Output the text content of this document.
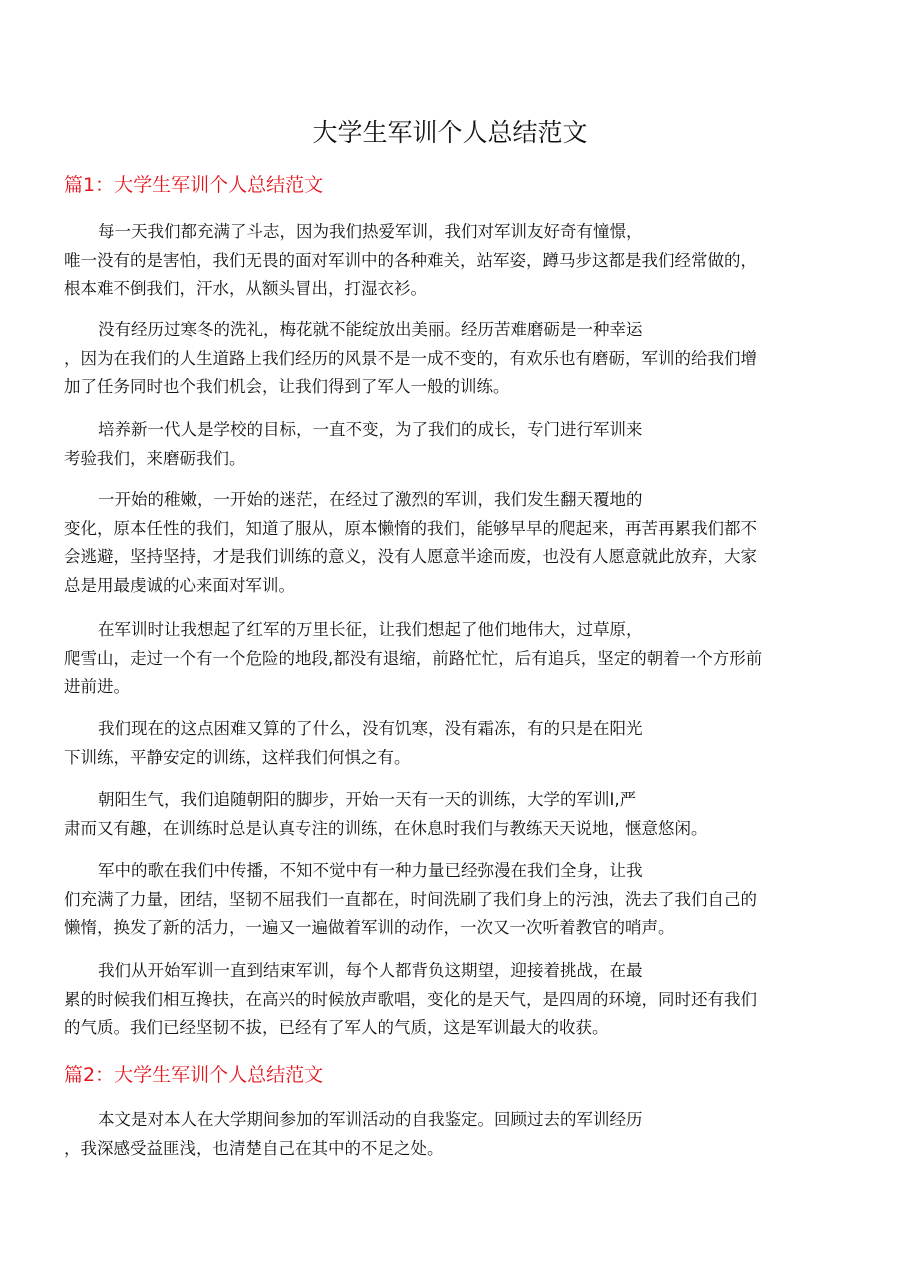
大学生军训个人总结范文
篇1：大学生军训个人总结范文
每一天我们都充满了斗志，因为我们热爱军训，我们对军训友好奇有憧憬，
唯一没有的是害怕，我们无畏的面对军训中的各种难关，站军姿，蹲马步这都是我们经常做的，
根本难不倒我们，汗水，从额头冒出，打湿衣衫。
没有经历过寒冬的洗礼，梅花就不能绽放出美丽。经历苦难磨砺是一种幸运
，因为在我们的人生道路上我们经历的风景不是一成不变的，有欢乐也有磨砺，军训的给我们增
加了任务同时也个我们机会，让我们得到了军人一般的训练。
培养新一代人是学校的目标，一直不变，为了我们的成长，专门进行军训来
考验我们，来磨砺我们。
一开始的稚嫩，一开始的迷茫，在经过了激烈的军训，我们发生翻天覆地的
变化，原本任性的我们，知道了服从，原本懒惰的我们，能够早早的爬起来，再苦再累我们都不
会逃避，坚持坚持，才是我们训练的意义，没有人愿意半途而废，也没有人愿意就此放弃，大家
总是用最虔诚的心来面对军训。
在军训时让我想起了红军的万里长征，让我们想起了他们地伟大，过草原，
爬雪山，走过一个有一个危险的地段,都没有退缩，前路忙忙，后有追兵，坚定的朝着一个方形前
进前进。
我们现在的这点困难又算的了什么，没有饥寒，没有霜冻，有的只是在阳光
下训练，平静安定的训练，这样我们何惧之有。
朝阳生气，我们追随朝阳的脚步，开始一天有一天的训练，大学的军训I,严
肃而又有趣，在训练时总是认真专注的训练，在休息时我们与教练天天说地，惬意悠闲。
军中的歌在我们中传播，不知不觉中有一种力量已经弥漫在我们全身，让我
们充满了力量，团结，坚韧不屈我们一直都在，时间洗刷了我们身上的污浊，洗去了我们自己的
懒惰，换发了新的活力，一遍又一遍做着军训的动作，一次又一次听着教官的哨声。
我们从开始军训一直到结束军训，每个人都背负这期望，迎接着挑战，在最
累的时候我们相互搀扶，在高兴的时候放声歌唱，变化的是天气，是四周的环境，同时还有我们
的气质。我们已经坚韧不拔，已经有了军人的气质，这是军训最大的收获。
篇2：大学生军训个人总结范文
本文是对本人在大学期间参加的军训活动的自我鉴定。回顾过去的军训经历
，我深感受益匪浅，也清楚自己在其中的不足之处。
